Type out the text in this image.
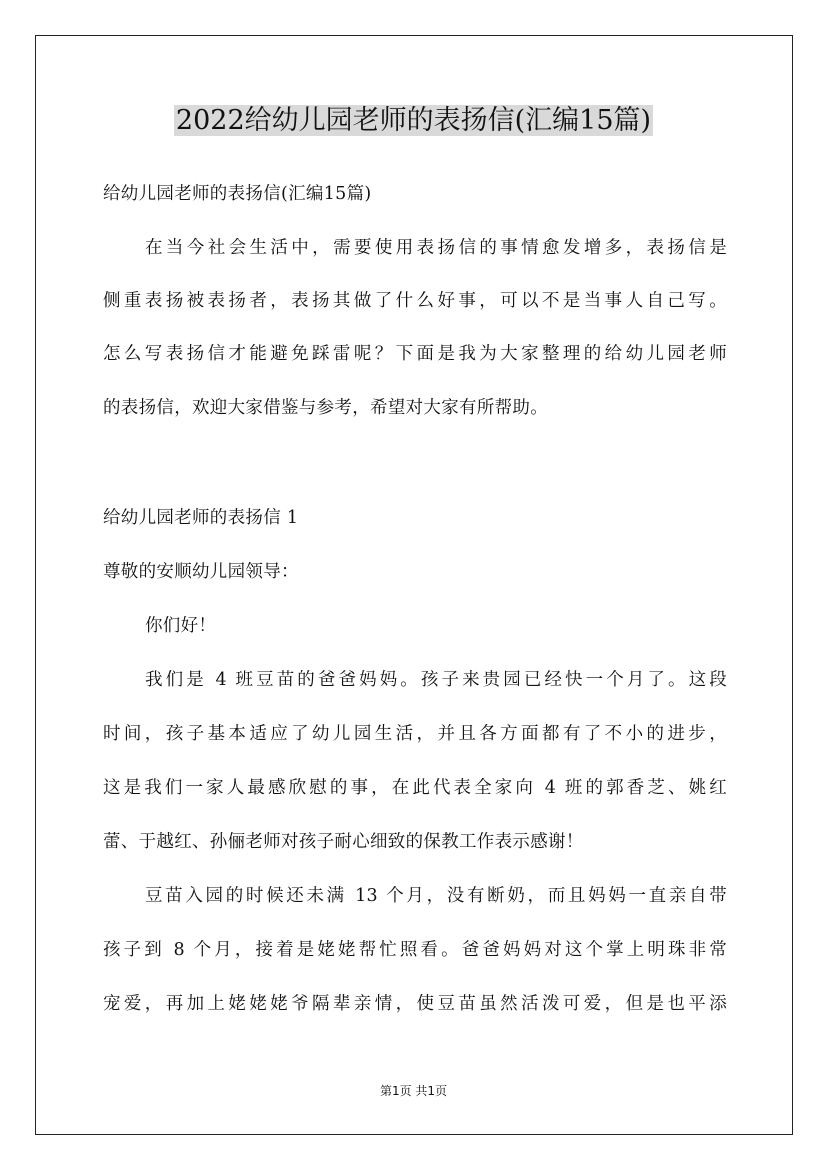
2022给幼儿园老师的表扬信(汇编15篇)
给幼儿园老师的表扬信(汇编15篇)
在当今社会生活中，需要使用表扬信的事情愈发增多，表扬信是
侧重表扬被表扬者，表扬其做了什么好事，可以不是当事人自己写。
怎么写表扬信才能避免踩雷呢？下面是我为大家整理的给幼儿园老师
的表扬信，欢迎大家借鉴与参考，希望对大家有所帮助。
给幼儿园老师的表扬信 1
尊敬的安顺幼儿园领导：
你们好！
我们是 4 班豆苗的爸爸妈妈。孩子来贵园已经快一个月了。这段
时间，孩子基本适应了幼儿园生活，并且各方面都有了不小的进步，
这是我们一家人最感欣慰的事，在此代表全家向 4 班的郭香芝、姚红
蕾、于越红、孙俪老师对孩子耐心细致的保教工作表示感谢！
豆苗入园的时候还未满 13 个月，没有断奶，而且妈妈一直亲自带
孩子到 8 个月，接着是姥姥帮忙照看。爸爸妈妈对这个掌上明珠非常
宠爱，再加上姥姥姥爷隔辈亲情，使豆苗虽然活泼可爱，但是也平添
第1页 共1页
